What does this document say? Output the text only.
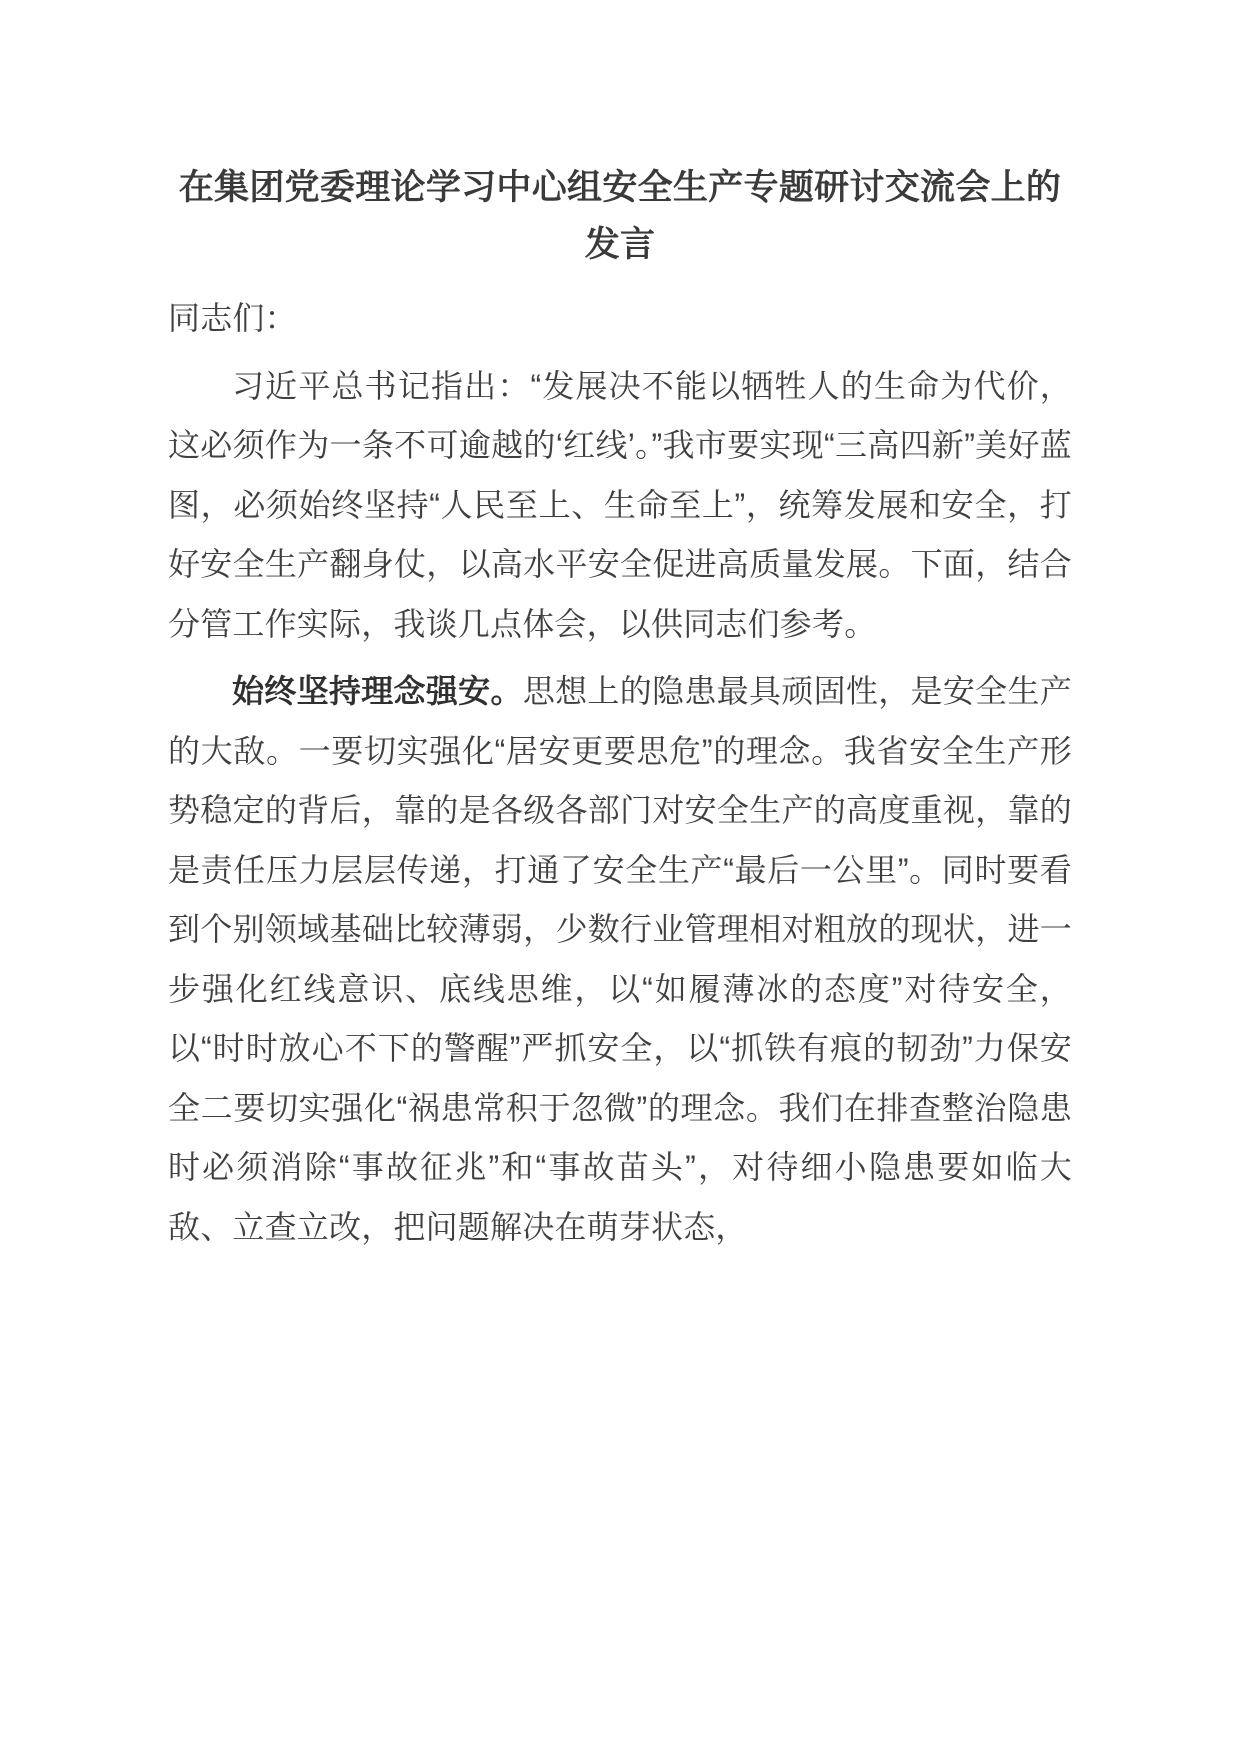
在集团党委理论学习中心组安全生产专题研讨交流会上的
发言

同志们：

习近平总书记指出：“发展决不能以牺牲人的生命为代价，这必须作为一条不可逾越的‘红线’。”我市要实现“三高四新”美好蓝图，必须始终坚持“人民至上、生命至上”，统筹发展和安全，打好安全生产翻身仗，以高水平安全促进高质量发展。下面，结合分管工作实际，我谈几点体会，以供同志们参考。

始终坚持理念强安。思想上的隐患最具顽固性，是安全生产的大敌。一要切实强化“居安更要思危”的理念。我省安全生产形势稳定的背后，靠的是各级各部门对安全生产的高度重视，靠的是责任压力层层传递，打通了安全生产“最后一公里”。同时要看到个别领域基础比较薄弱，少数行业管理相对粗放的现状，进一步强化红线意识、底线思维，以“如履薄冰的态度”对待安全，以“时时放心不下的警醒”严抓安全，以“抓铁有痕的韧劲”力保安全二要切实强化“祸患常积于忽微”的理念。我们在排查整治隐患时必须消除“事故征兆”和“事故苗头”，对待细小隐患要如临大敌、立查立改，把问题解决在萌芽状态，
